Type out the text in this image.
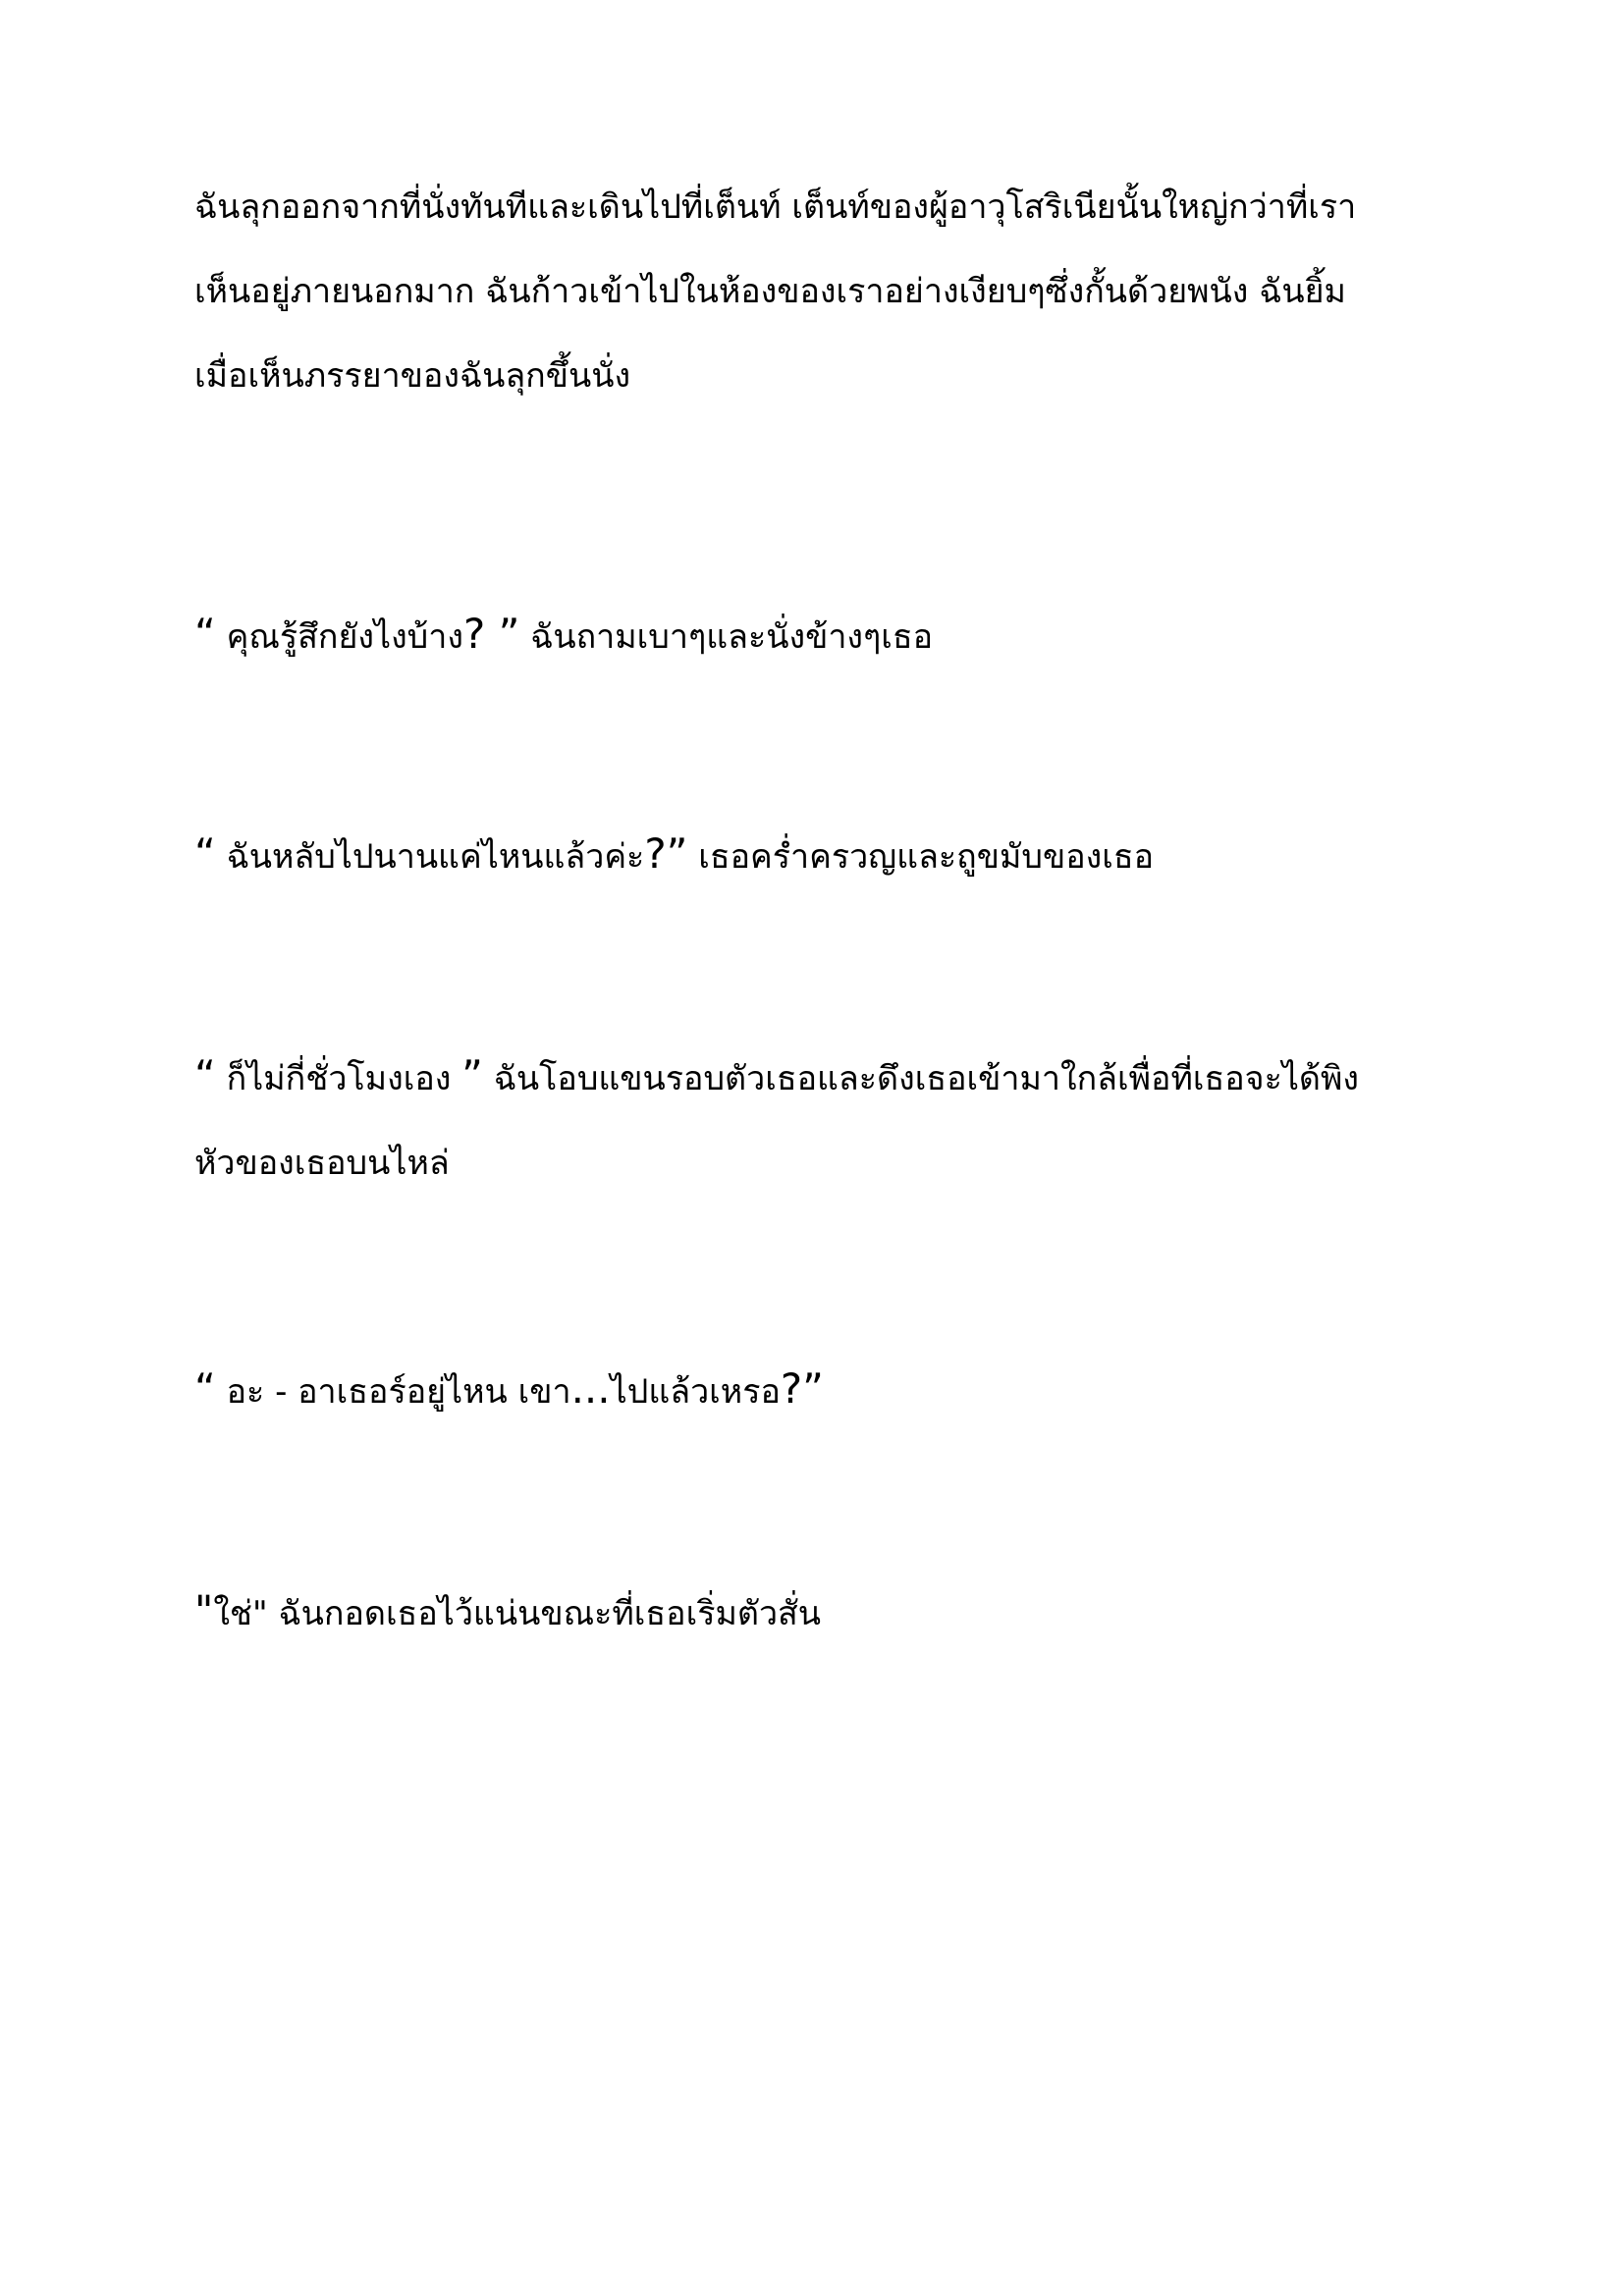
ฉันลุกออกจากที่นั่งทันทีและเดินไปที่เต็นท์ เต็นท์ของผู้อาวุโสริเนียนั้นใหญ่กว่าที่เรา
เห็นอยู่ภายนอกมาก ฉันก้าวเข้าไปในห้องของเราอย่างเงียบๆซึ่งกั้นด้วยพนัง ฉันยิ้ม
เมื่อเห็นภรรยาของฉันลุกขึ้นนั่ง

“ คุณรู้สึกยังไงบ้าง? ” ฉันถามเบาๆและนั่งข้างๆเธอ

“ ฉันหลับไปนานแค่ไหนแล้วค่ะ?” เธอคร่ำครวญและถูขมับของเธอ

“ ก็ไม่กี่ชั่วโมงเอง ” ฉันโอบแขนรอบตัวเธอและดึงเธอเข้ามาใกล้เพื่อที่เธอจะได้พิง
หัวของเธอบนไหล่

“ อะ - อาเธอร์อยู่ไหน เขา...ไปแล้วเหรอ?”

"ใช่" ฉันกอดเธอไว้แน่นขณะที่เธอเริ่มตัวสั่น
